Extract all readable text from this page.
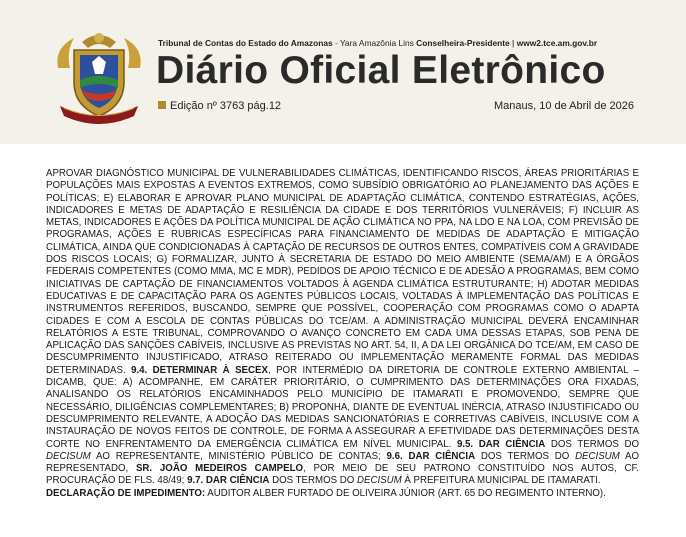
Tribunal de Contas do Estado do Amazonas - Yara Amazônia Lins Conselheira-Presidente | www2.tce.am.gov.br
Diário Oficial Eletrônico
Edição nº 3763 pág.12	Manaus, 10 de Abril de 2026
APROVAR DIAGNÓSTICO MUNICIPAL DE VULNERABILIDADES CLIMÁTICAS, IDENTIFICANDO RISCOS, ÁREAS PRIORITÁRIAS E POPULAÇÕES MAIS EXPOSTAS A EVENTOS EXTREMOS, COMO SUBSÍDIO OBRIGATÓRIO AO PLANEJAMENTO DAS AÇÕES E POLÍTICAS; E) ELABORAR E APROVAR PLANO MUNICIPAL DE ADAPTAÇÃO CLIMÁTICA, CONTENDO ESTRATÉGIAS, AÇÕES, INDICADORES E METAS DE ADAPTAÇÃO E RESILIÊNCIA DA CIDADE E DOS TERRITÓRIOS VULNERÁVEIS; F) INCLUIR AS METAS, INDICADORES E AÇÕES DA POLÍTICA MUNICIPAL DE AÇÃO CLIMÁTICA NO PPA, NA LDO E NA LOA, COM PREVISÃO DE PROGRAMAS, AÇÕES E RUBRICAS ESPECÍFICAS PARA FINANCIAMENTO DE MEDIDAS DE ADAPTAÇÃO E MITIGAÇÃO CLIMÁTICA, AINDA QUE CONDICIONADAS À CAPTAÇÃO DE RECURSOS DE OUTROS ENTES, COMPATÍVEIS COM A GRAVIDADE DOS RISCOS LOCAIS; G) FORMALIZAR, JUNTO À SECRETARIA DE ESTADO DO MEIO AMBIENTE (SEMA/AM) E A ÓRGÃOS FEDERAIS COMPETENTES (COMO MMA, MC E MDR), PEDIDOS DE APOIO TÉCNICO E DE ADESÃO A PROGRAMAS, BEM COMO INICIATIVAS DE CAPTAÇÃO DE FINANCIAMENTOS VOLTADOS À AGENDA CLIMÁTICA ESTRUTURANTE; H) ADOTAR MEDIDAS EDUCATIVAS E DE CAPACITAÇÃO PARA OS AGENTES PÚBLICOS LOCAIS, VOLTADAS À IMPLEMENTAÇÃO DAS POLÍTICAS E INSTRUMENTOS REFERIDOS, BUSCANDO, SEMPRE QUE POSSÍVEL, COOPERAÇÃO COM PROGRAMAS COMO O ADAPTA CIDADES E COM A ESCOLA DE CONTAS PÚBLICAS DO TCE/AM. A ADMINISTRAÇÃO MUNICIPAL DEVERÁ ENCAMINHAR RELATÓRIOS A ESTE TRIBUNAL, COMPROVANDO O AVANÇO CONCRETO EM CADA UMA DESSAS ETAPAS, SOB PENA DE APLICAÇÃO DAS SANÇÕES CABÍVEIS, INCLUSIVE AS PREVISTAS NO ART. 54, II, A DA LEI ORGÂNICA DO TCE/AM, EM CASO DE DESCUMPRIMENTO INJUSTIFICADO, ATRASO REITERADO OU IMPLEMENTAÇÃO MERAMENTE FORMAL DAS MEDIDAS DETERMINADAS. 9.4. DETERMINAR À SECEX, POR INTERMÉDIO DA DIRETORIA DE CONTROLE EXTERNO AMBIENTAL – DICAMB, QUE: A) ACOMPANHE, EM CARÁTER PRIORITÁRIO, O CUMPRIMENTO DAS DETERMINAÇÕES ORA FIXADAS, ANALISANDO OS RELATÓRIOS ENCAMINHADOS PELO MUNICÍPIO DE ITAMARATI E PROMOVENDO, SEMPRE QUE NECESSÁRIO, DILIGÊNCIAS COMPLEMENTARES; B) PROPONHA, DIANTE DE EVENTUAL INÉRCIA, ATRASO INJUSTIFICADO OU DESCUMPRIMENTO RELEVANTE, A ADOÇÃO DAS MEDIDAS SANCIONATÓRIAS E CORRETIVAS CABÍVEIS, INCLUSIVE COM A INSTAURAÇÃO DE NOVOS FEITOS DE CONTROLE, DE FORMA A ASSEGURAR A EFETIVIDADE DAS DETERMINAÇÕES DESTA CORTE NO ENFRENTAMENTO DA EMERGÊNCIA CLIMÁTICA EM NÍVEL MUNICIPAL. 9.5. DAR CIÊNCIA DOS TERMOS DO DECISUM AO REPRESENTANTE, MINISTÉRIO PÚBLICO DE CONTAS; 9.6. DAR CIÊNCIA DOS TERMOS DO DECISUM AO REPRESENTADO, SR. JOÃO MEDEIROS CAMPELO, POR MEIO DE SEU PATRONO CONSTITUÍDO NOS AUTOS, CF. PROCURAÇÃO DE FLS. 48/49; 9.7. DAR CIÊNCIA DOS TERMOS DO DECISUM À PREFEITURA MUNICIPAL DE ITAMARATI.
DECLARAÇÃO DE IMPEDIMENTO: AUDITOR ALBER FURTADO DE OLIVEIRA JÚNIOR (ART. 65 DO REGIMENTO INTERNO).
